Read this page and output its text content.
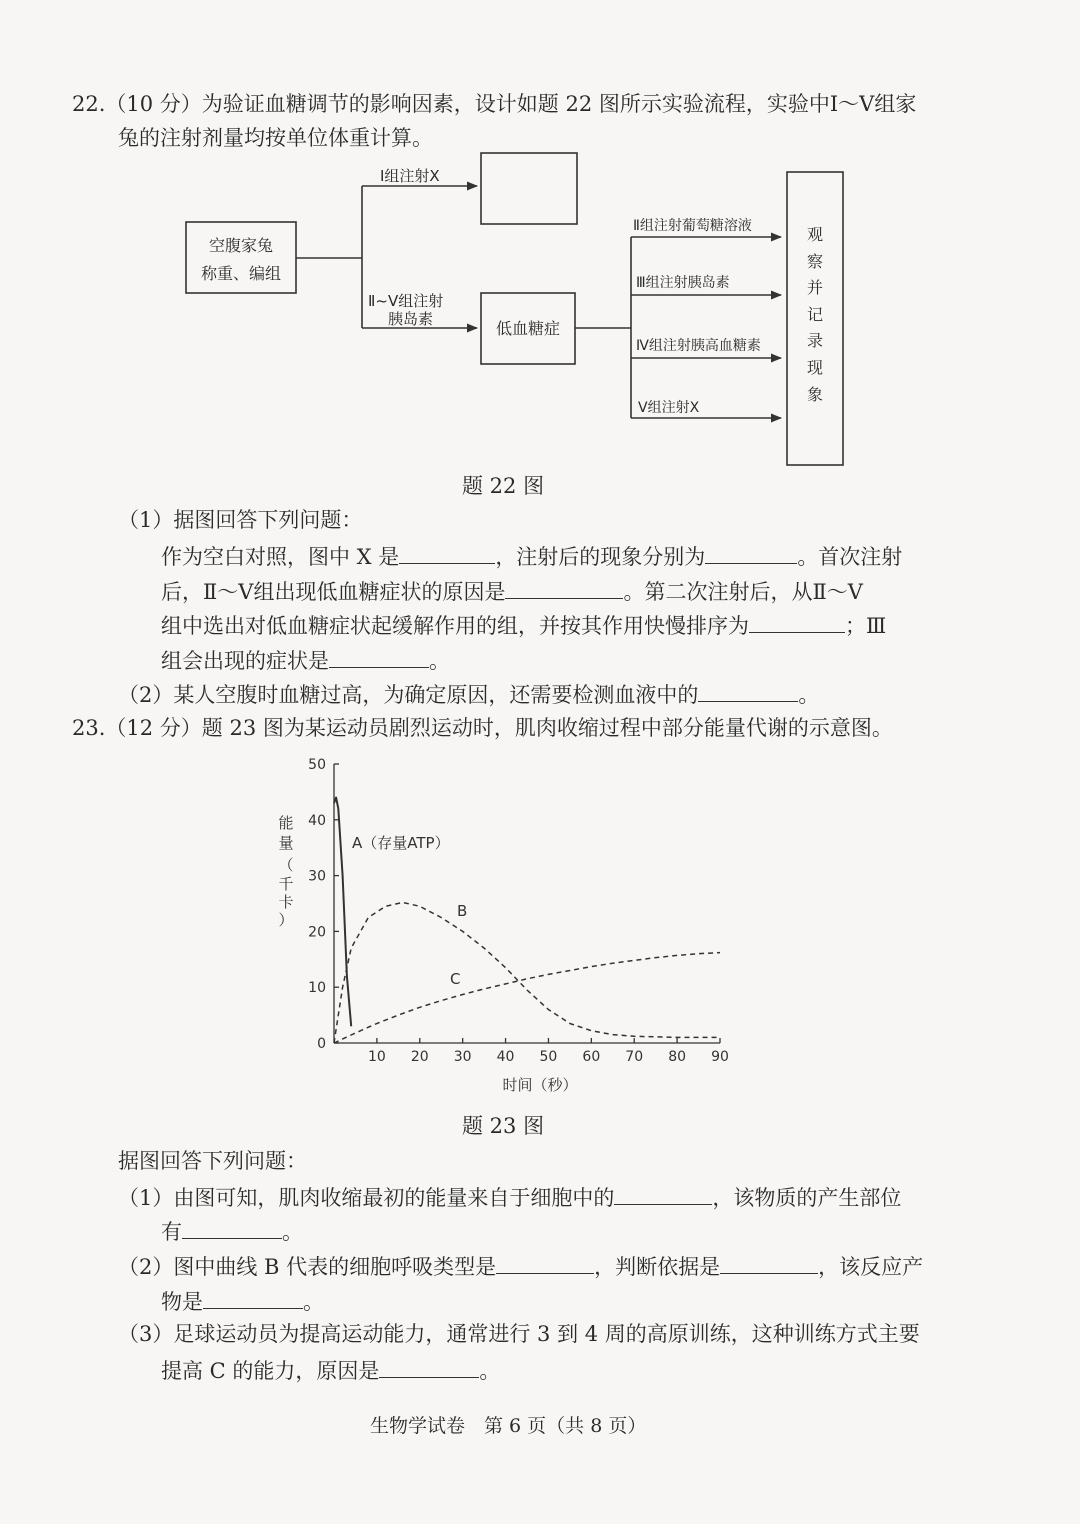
22.（10 分）为验证血糖调节的影响因素，设计如题 22 图所示实验流程，实验中Ⅰ～Ⅴ组家
兔的注射剂量均按单位体重计算。
空腹家兔
称重、编组
Ⅰ组注射X
Ⅱ~Ⅴ组注射
胰岛素	低血糖症
Ⅱ组注射葡萄糖溶液
Ⅲ组注射胰岛素
Ⅳ组注射胰高血糖素
Ⅴ组注射X
观
察
并
记
录
现
象
题 22 图
（1）据图回答下列问题：
作为空白对照，图中 X 是	，注射后的现象分别为	。首次注射
后，Ⅱ～Ⅴ组出现低血糖症状的原因是	。第二次注射后，从Ⅱ～Ⅴ
组中选出对低血糖症状起缓解作用的组，并按其作用快慢排序为	；Ⅲ
组会出现的症状是	。
（2）某人空腹时血糖过高，为确定原因，还需要检测血液中的	。
23.（12 分）题 23 图为某运动员剧烈运动时，肌肉收缩过程中部分能量代谢的示意图。
10 20 30 40 50 60 70 80 90
0
10
20
30
40
50
A（存量ATP）
B
C
时间（秒）
能量（千卡）
题 23 图
据图回答下列问题：
（1）由图可知，肌肉收缩最初的能量来自于细胞中的	，该物质的产生部位
有	。
（2）图中曲线 B 代表的细胞呼吸类型是	，判断依据是	，该反应产
物是	。
（3）足球运动员为提高运动能力，通常进行 3 到 4 周的高原训练，这种训练方式主要
提高 C 的能力，原因是	。
生物学试卷　第 6 页（共 8 页）
